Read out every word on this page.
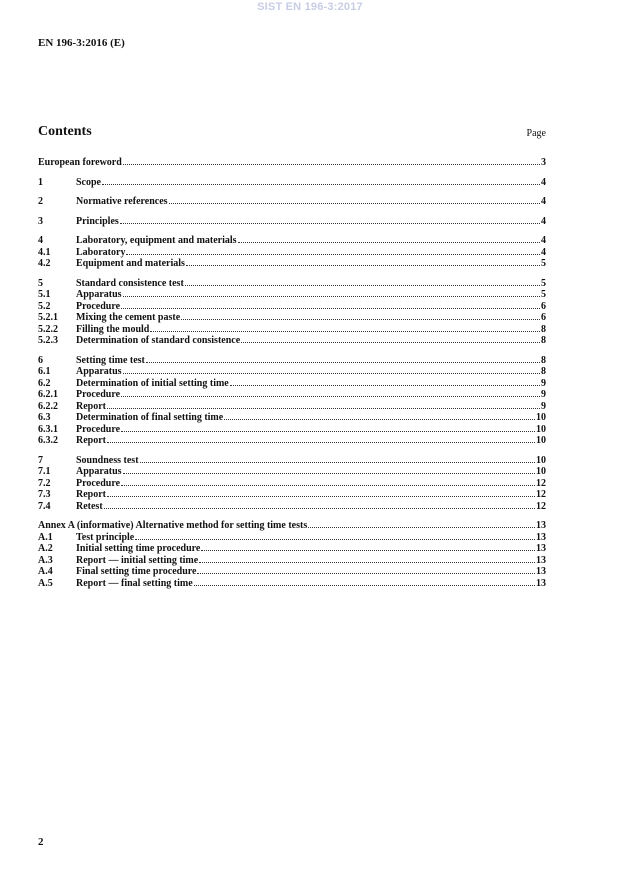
SIST EN 196-3:2017
EN 196-3:2016 (E)
Contents	Page
European foreword	3
1	Scope	4
2	Normative references	4
3	Principles	4
4	Laboratory, equipment and materials	4
4.1	Laboratory	4
4.2	Equipment and materials	5
5	Standard consistence test	5
5.1	Apparatus	5
5.2	Procedure	6
5.2.1	Mixing the cement paste	6
5.2.2	Filling the mould	8
5.2.3	Determination of standard consistence	8
6	Setting time test	8
6.1	Apparatus	8
6.2	Determination of initial setting time	9
6.2.1	Procedure	9
6.2.2	Report	9
6.3	Determination of final setting time	10
6.3.1	Procedure	10
6.3.2	Report	10
7	Soundness test	10
7.1	Apparatus	10
7.2	Procedure	12
7.3	Report	12
7.4	Retest	12
Annex A (informative) Alternative method for setting time tests	13
A.1	Test principle	13
A.2	Initial setting time procedure	13
A.3	Report — initial setting time	13
A.4	Final setting time procedure	13
A.5	Report — final setting time	13
2
